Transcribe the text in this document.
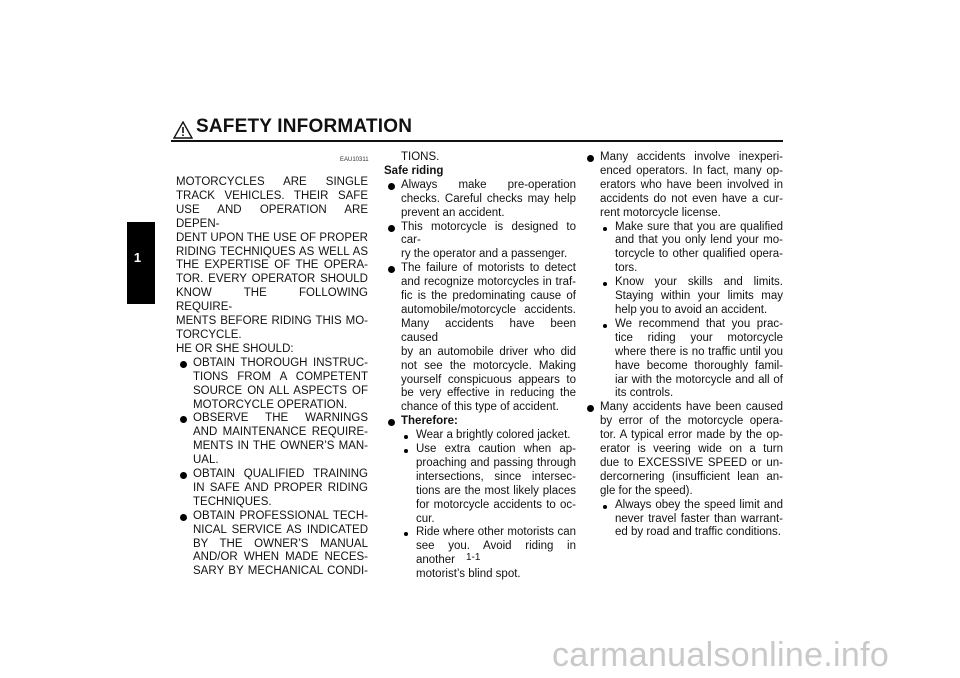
1
SAFETY INFORMATION
EAU10311

MOTORCYCLES ARE SINGLE

TRACK VEHICLES. THEIR SAFE

USE AND OPERATION ARE DEPEN-

DENT UPON THE USE OF PROPER

RIDING TECHNIQUES AS WELL AS

THE EXPERTISE OF THE OPERA-

TOR. EVERY OPERATOR SHOULD

KNOW THE FOLLOWING REQUIRE-

MENTS BEFORE RIDING THIS MO-

TORCYCLE.

HE OR SHE SHOULD:

OBTAIN THOROUGH INSTRUC-

TIONS FROM A COMPETENT

SOURCE ON ALL ASPECTS OF

MOTORCYCLE OPERATION.

OBSERVE THE WARNINGS

AND MAINTENANCE REQUIRE-

MENTS IN THE OWNER’S MAN-

UAL.

OBTAIN QUALIFIED TRAINING

IN SAFE AND PROPER RIDING

TECHNIQUES.

OBTAIN PROFESSIONAL TECH-

NICAL SERVICE AS INDICATED

BY THE OWNER’S MANUAL

AND/OR WHEN MADE NECES-

SARY BY MECHANICAL CONDI-

TIONS.

Safe riding

Always make pre-operation

checks. Careful checks may help

prevent an accident.

This motorcycle is designed to car-

ry the operator and a passenger.

The failure of motorists to detect

and recognize motorcycles in traf-

fic is the predominating cause of

automobile/motorcycle accidents.

Many accidents have been caused

by an automobile driver who did

not see the motorcycle. Making

yourself conspicuous appears to

be very effective in reducing the

chance of this type of accident.

Therefore:

Wear a brightly colored jacket.

Use extra caution when ap-

proaching and passing through

intersections, since intersec-

tions are the most likely places

for motorcycle accidents to oc-

cur.

Ride where other motorists can

see you. Avoid riding in another

motorist’s blind spot.

Many accidents involve inexperi-

enced operators. In fact, many op-

erators who have been involved in

accidents do not even have a cur-

rent motorcycle license.

Make sure that you are qualified

and that you only lend your mo-

torcycle to other qualified opera-

tors.

Know your skills and limits.

Staying within your limits may

help you to avoid an accident.

We recommend that you prac-

tice riding your motorcycle

where there is no traffic until you

have become thoroughly famil-

iar with the motorcycle and all of

its controls.

Many accidents have been caused

by error of the motorcycle opera-

tor. A typical error made by the op-

erator is veering wide on a turn

due to EXCESSIVE SPEED or un-

dercornering (insufficient lean an-

gle for the speed).

Always obey the speed limit and

never travel faster than warrant-

ed by road and traffic conditions.

1-1
carmanualsonline.info
